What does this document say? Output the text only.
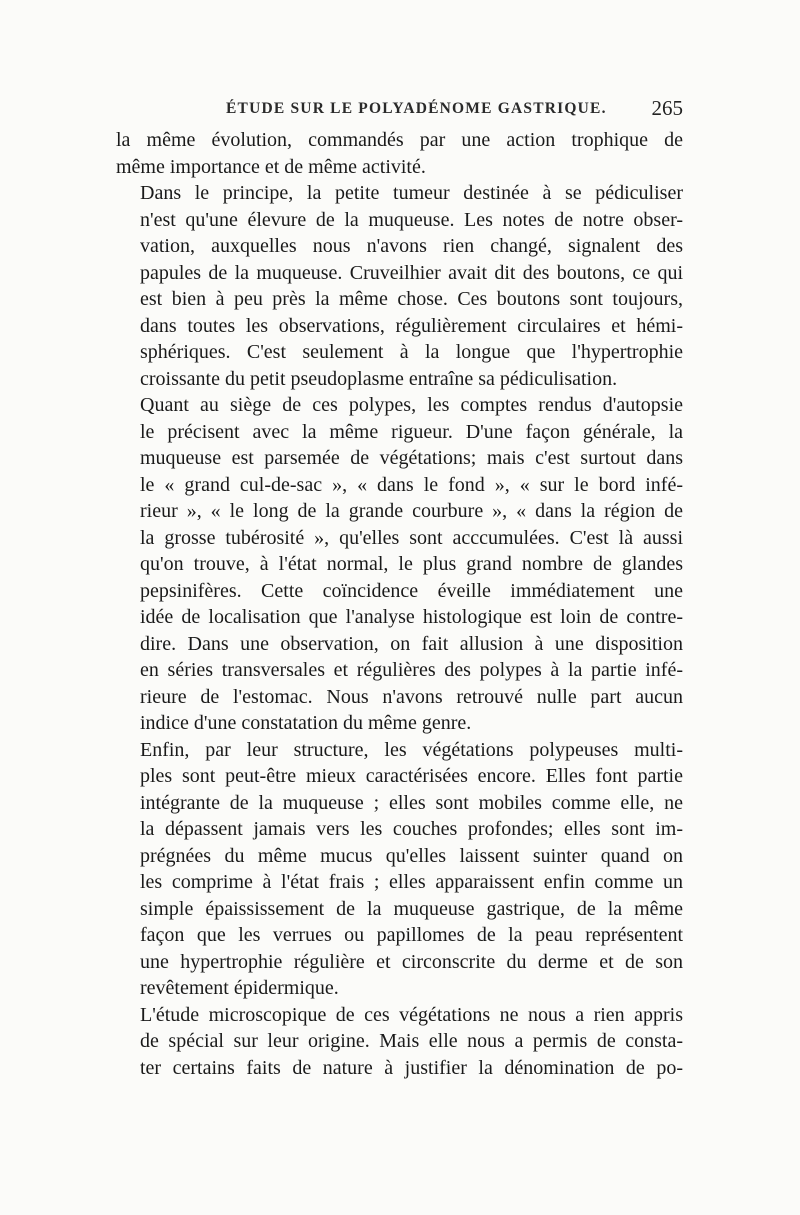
ÉTUDE SUR LE POLYADÉNOME GASTRIQUE. 265

la même évolution, commandés par une action trophique de
même importance et de même activité.

Dans le principe, la petite tumeur destinée à se pédiculiser
n'est qu'une élevure de la muqueuse. Les notes de notre obser-
vation, auxquelles nous n'avons rien changé, signalent des
papules de la muqueuse. Cruveilhier avait dit des boutons, ce qui
est bien à peu près la même chose. Ces boutons sont toujours,
dans toutes les observations, régulièrement circulaires et hémi-
sphériques. C'est seulement à la longue que l'hypertrophie
croissante du petit pseudoplasme entraîne sa pédiculisation.

Quant au siège de ces polypes, les comptes rendus d'autopsie
le précisent avec la même rigueur. D'une façon générale, la
muqueuse est parsemée de végétations; mais c'est surtout dans
le « grand cul-de-sac », « dans le fond », « sur le bord infé-
rieur », « le long de la grande courbure », « dans la région de
la grosse tubérosité », qu'elles sont acccumulées. C'est là aussi
qu'on trouve, à l'état normal, le plus grand nombre de glandes
pepsinifères. Cette coïncidence éveille immédiatement une
idée de localisation que l'analyse histologique est loin de contre-
dire. Dans une observation, on fait allusion à une disposition
en séries transversales et régulières des polypes à la partie infé-
rieure de l'estomac. Nous n'avons retrouvé nulle part aucun
indice d'une constatation du même genre.

Enfin, par leur structure, les végétations polypeuses multi-
ples sont peut-être mieux caractérisées encore. Elles font partie
intégrante de la muqueuse ; elles sont mobiles comme elle, ne
la dépassent jamais vers les couches profondes; elles sont im-
prégnées du même mucus qu'elles laissent suinter quand on
les comprime à l'état frais ; elles apparaissent enfin comme un
simple épaississement de la muqueuse gastrique, de la même
façon que les verrues ou papillomes de la peau représentent
une hypertrophie régulière et circonscrite du derme et de son
revêtement épidermique.

L'étude microscopique de ces végétations ne nous a rien appris
de spécial sur leur origine. Mais elle nous a permis de consta-
ter certains faits de nature à justifier la dénomination de po-
